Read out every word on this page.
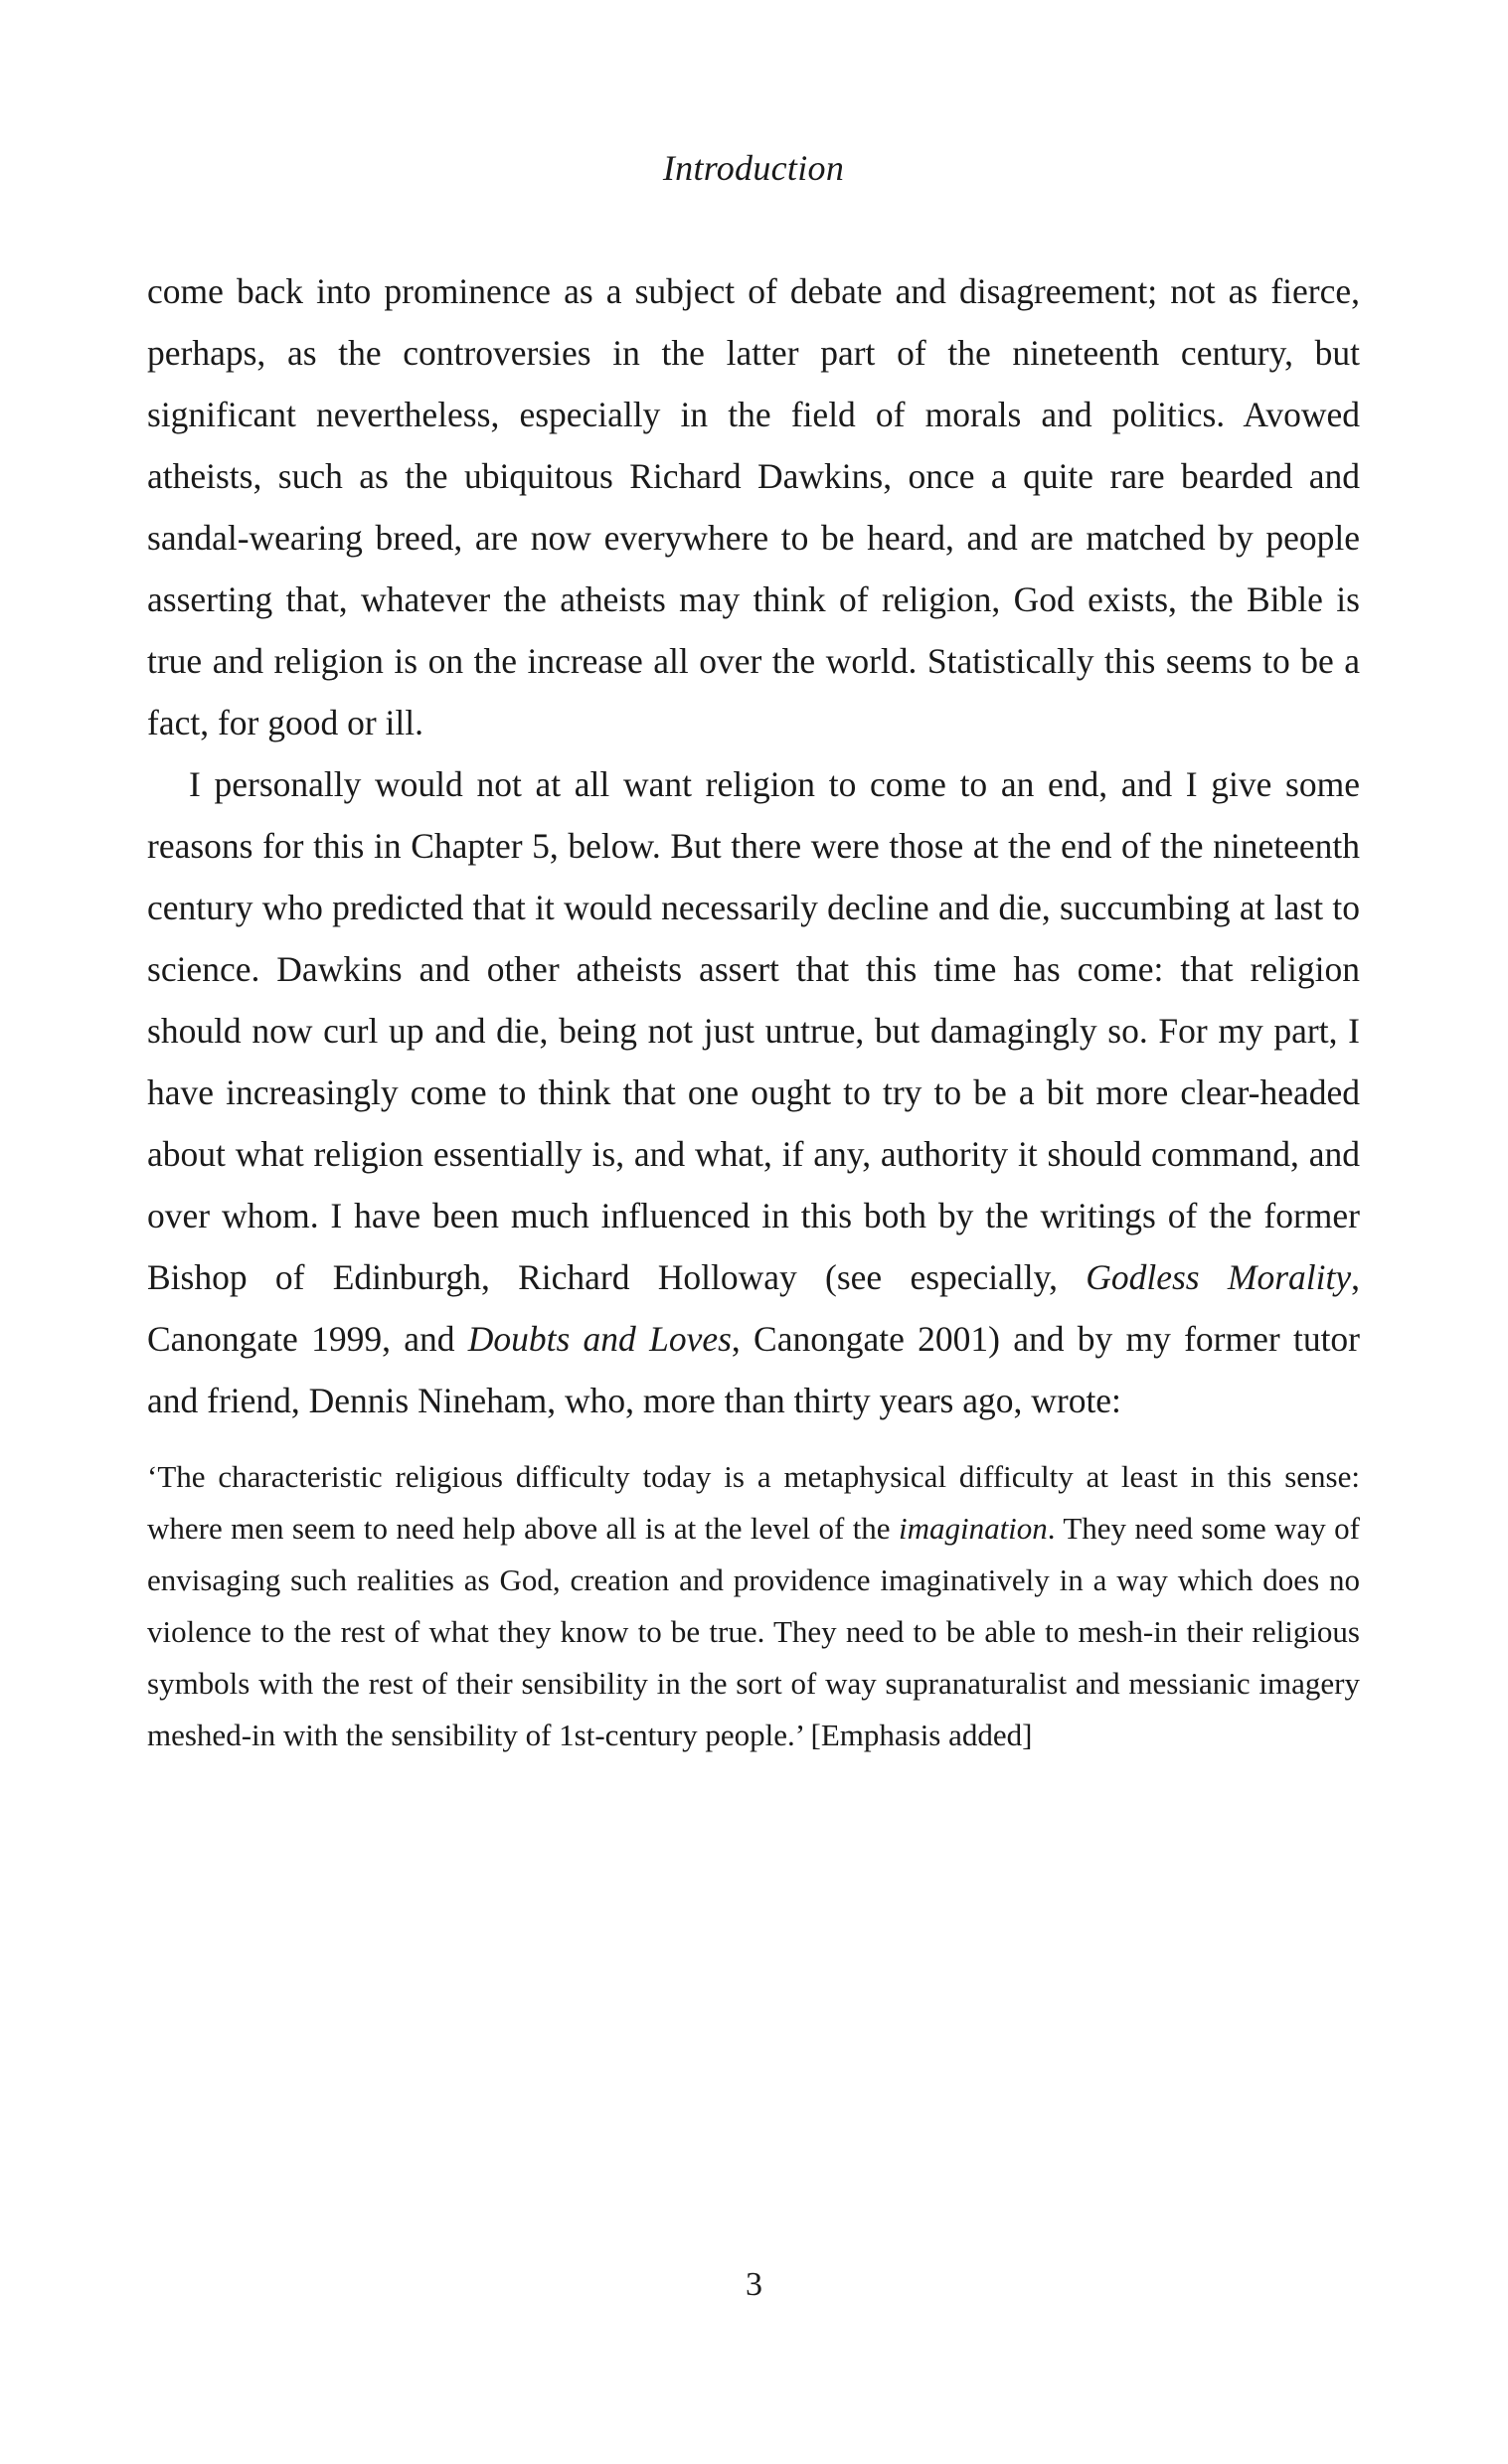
Introduction

come back into prominence as a subject of debate and disagreement; not as fierce, perhaps, as the controversies in the latter part of the nineteenth century, but significant nevertheless, especially in the field of morals and politics. Avowed atheists, such as the ubiquitous Richard Dawkins, once a quite rare bearded and sandal-wearing breed, are now everywhere to be heard, and are matched by people asserting that, whatever the atheists may think of religion, God exists, the Bible is true and religion is on the increase all over the world. Statistically this seems to be a fact, for good or ill.

I personally would not at all want religion to come to an end, and I give some reasons for this in Chapter 5, below. But there were those at the end of the nineteenth century who predicted that it would necessarily decline and die, succumbing at last to science. Dawkins and other atheists assert that this time has come: that religion should now curl up and die, being not just untrue, but damagingly so. For my part, I have increasingly come to think that one ought to try to be a bit more clear-headed about what religion essentially is, and what, if any, authority it should command, and over whom. I have been much influenced in this both by the writings of the former Bishop of Edinburgh, Richard Holloway (see especially, Godless Morality, Canongate 1999, and Doubts and Loves, Canongate 2001) and by my former tutor and friend, Dennis Nineham, who, more than thirty years ago, wrote:

‘The characteristic religious difficulty today is a metaphysical difficulty at least in this sense: where men seem to need help above all is at the level of the imagination. They need some way of envisaging such realities as God, creation and providence imaginatively in a way which does no violence to the rest of what they know to be true. They need to be able to mesh-in their religious symbols with the rest of their sensibility in the sort of way supranaturalist and messianic imagery meshed-in with the sensibility of 1st-century people.’ [Emphasis added]

3
